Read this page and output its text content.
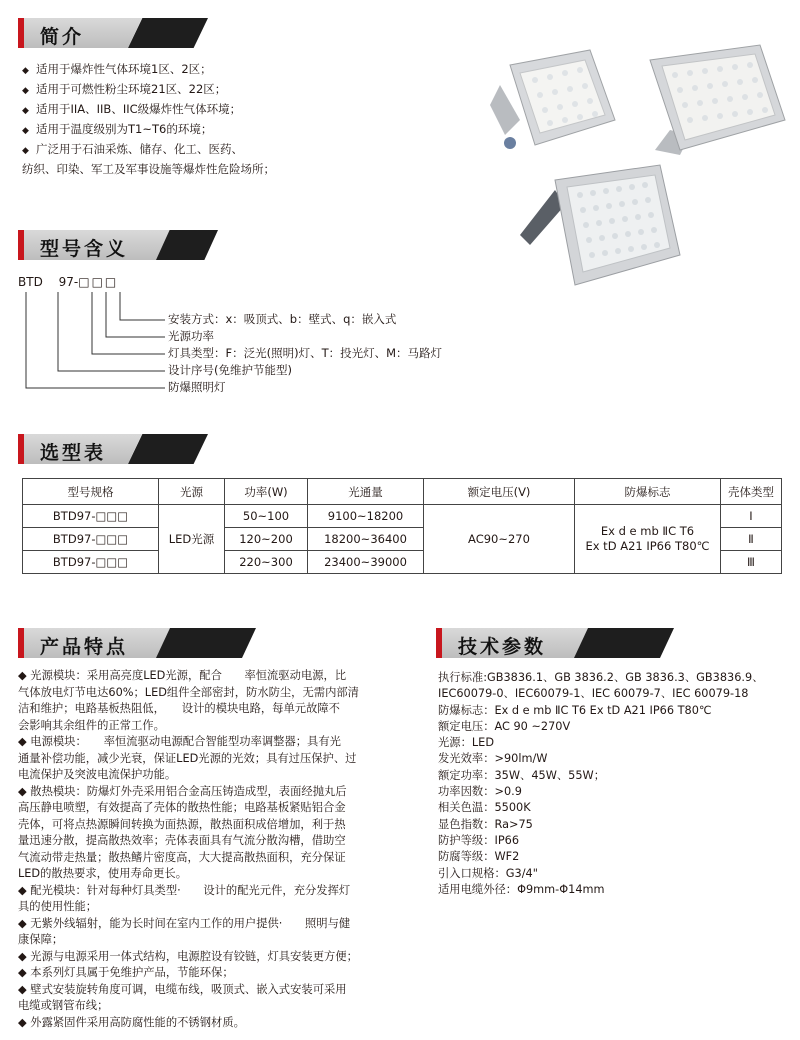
简介
◆ 适用于爆炸性气体环境1区、2区；
◆ 适用于可燃性粉尘环境21区、22区；
◆ 适用于IIA、IIB、IIC级爆炸性气体环境；
◆ 适用于温度级别为T1~T6的环境；
◆ 广泛用于石油采炼、储存、化工、医药、
纺织、印染、军工及军事设施等爆炸性危险场所；
型号含义
BTD 97-□□□
安装方式：x：吸顶式、b：壁式、q：嵌入式
光源功率
灯具类型：F：泛光(照明)灯、T：投光灯、M：马路灯
设计序号(免维护节能型)
防爆照明灯
选型表
型号规格	光源	功率(W)	光通量	额定电压(V)	防爆标志	壳体类型
BTD97-□□□	LED光源	50~100	9100~18200	AC90~270	Ex d e mb ⅡC T6
Ex tD A21 IP66 T80℃	Ⅰ
BTD97-□□□		120~200	18200~36400			Ⅱ
BTD97-□□□		220~300	23400~39000			Ⅲ
产品特点
◆ 光源模块：采用高亮度LED光源，配合　　率恒流驱动电源，比
气体放电灯节电达60%；LED组件全部密封，防水防尘，无需内部清
洁和维护；电路基板热阻低，　　设计的模块电路，每单元故障不
会影响其余组件的正常工作。
◆ 电源模块：　　率恒流驱动电源配合智能型功率调整器；具有光
通量补偿功能，减少光衰，保证LED光源的光效；具有过压保护、过
电流保护及突波电流保护功能。
◆ 散热模块：防爆灯外壳采用铝合金高压铸造成型，表面经抛丸后
高压静电喷塑，有效提高了壳体的散热性能；电路基板紧贴铝合金
壳体，可将点热源瞬间转换为面热源，散热面积成倍增加，利于热
量迅速分散，提高散热效率；壳体表面具有气流分散沟槽，借助空
气流动带走热量；散热鳍片密度高，大大提高散热面积，充分保证
LED的散热要求，使用寿命更长。
◆ 配光模块：针对每种灯具类型·　　设计的配光元件，充分发挥灯
具的使用性能；
◆ 无紫外线辐射，能为长时间在室内工作的用户提供·　　照明与健
康保障；
◆ 光源与电源采用一体式结构，电源腔设有铰链，灯具安装更方便；
◆ 本系列灯具属于免维护产品，节能环保；
◆ 壁式安装旋转角度可调，电缆布线，吸顶式、嵌入式安装可采用
电缆或钢管布线；
◆ 外露紧固件采用高防腐性能的不锈钢材质。
技术参数
执行标准:GB3836.1、GB 3836.2、GB 3836.3、GB3836.9、
IEC60079-0、IEC60079-1、IEC 60079-7、IEC 60079-18
防爆标志：Ex d e mb ⅡC T6 Ex tD A21 IP66 T80℃
额定电压：AC 90 ~270V
光源：LED
发光效率：>90lm/W
额定功率：35W、45W、55W；
功率因数：>0.9
相关色温：5500K
显色指数：Ra>75
防护等级：IP66
防腐等级：WF2
引入口规格：G3/4"
适用电缆外径：Φ9mm-Φ14mm
